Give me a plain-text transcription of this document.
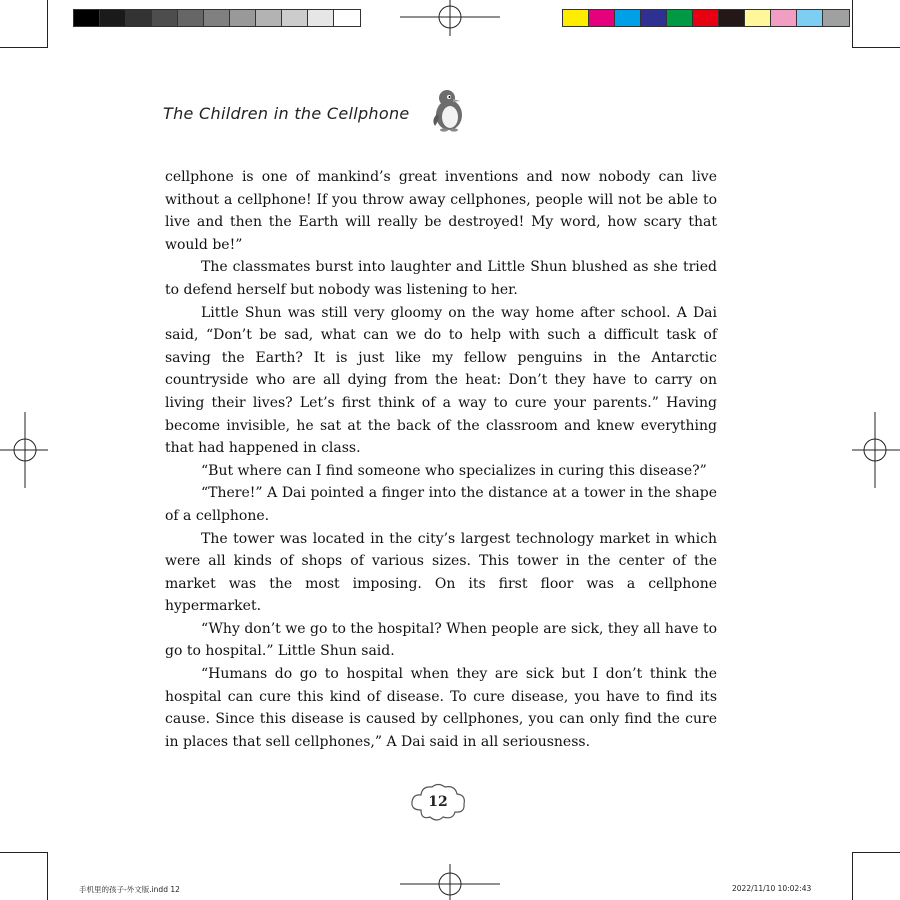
The Children in the Cellphone

cellphone is one of mankind’s great inventions and now nobody can live without a cellphone! If you throw away cellphones, people will not be able to live and then the Earth will really be destroyed! My word, how scary that would be!”

The classmates burst into laughter and Little Shun blushed as she tried to defend herself but nobody was listening to her.

Little Shun was still very gloomy on the way home after school. A Dai said, “Don’t be sad, what can we do to help with such a difficult task of saving the Earth? It is just like my fellow penguins in the Antarctic countryside who are all dying from the heat: Don’t they have to carry on living their lives? Let’s first think of a way to cure your parents.” Having become invisible, he sat at the back of the classroom and knew everything that had happened in class.

“But where can I find someone who specializes in curing this disease?”

“There!” A Dai pointed a finger into the distance at a tower in the shape of a cellphone.

The tower was located in the city’s largest technology market in which were all kinds of shops of various sizes. This tower in the center of the market was the most imposing. On its first floor was a cellphone hypermarket.

“Why don’t we go to the hospital? When people are sick, they all have to go to hospital.” Little Shun said.

“Humans do go to hospital when they are sick but I don’t think the hospital can cure this kind of disease. To cure disease, you have to find its cause. Since this disease is caused by cellphones, you can only find the cure in places that sell cellphones,” A Dai said in all seriousness.

12
手机里的孩子-外文版.indd 12	2022/11/10 10:02:43
